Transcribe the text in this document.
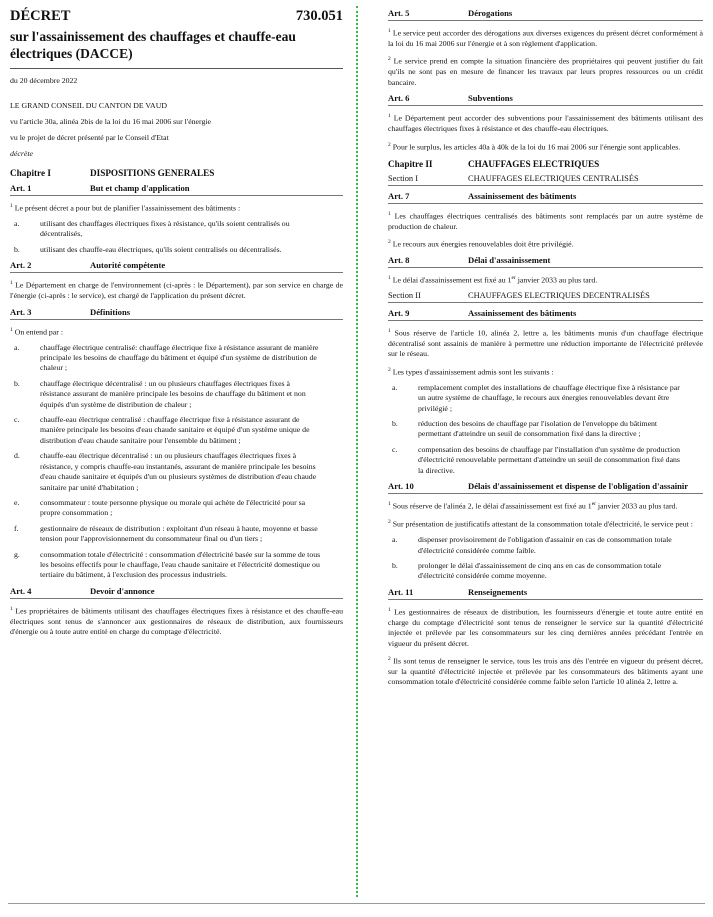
DÉCRET	730.051
sur l'assainissement des chauffages et chauffe-eau électriques (DACCE)

du 20 décembre 2022

LE GRAND CONSEIL DU CANTON DE VAUD

vu l'article 30a, alinéa 2bis de la loi du 16 mai 2006 sur l'énergie

vu le projet de décret présenté par le Conseil d'Etat

décrète

Chapitre I	DISPOSITIONS GENERALES
Art. 1	But et champ d'application

$^1$ Le présent décret a pour but de planifier l'assainissement des bâtiments :

a.	utilisant des chauffages électriques fixes à résistance, qu'ils soient centralisés ou décentralisés,
b.	utilisant des chauffe-eau électriques, qu'ils soient centralisés ou décentralisés.
Art. 2	Autorité compétente

$^1$ Le Département en charge de l'environnement (ci-après : le Département), par son service en charge de l'énergie (ci-après : le service), est chargé de l'application du présent décret.

Art. 3	Définitions

$^1$ On entend par :

a.	chauffage électrique centralisé: chauffage électrique fixe à résistance assurant de manière principale les besoins de chauffage du bâtiment et équipé d'un système de distribution de chaleur ;
b.	chauffage électrique décentralisé : un ou plusieurs chauffages électriques fixes à résistance assurant de manière principale les besoins de chauffage du bâtiment et non équipés d'un système de distribution de chaleur ;
c.	chauffe-eau électrique centralisé : chauffage électrique fixe à résistance assurant de manière principale les besoins d'eau chaude sanitaire et équipé d'un système unique de distribution d'eau chaude sanitaire pour l'ensemble du bâtiment ;
d.	chauffe-eau électrique décentralisé : un ou plusieurs chauffages électriques fixes à résistance, y compris chauffe-eau instantanés, assurant de manière principale les besoins d'eau chaude sanitaire et équipés d'un ou plusieurs systèmes de distribution d'eau chaude sanitaire par unité d'habitation ;
e.	consommateur : toute personne physique ou morale qui achète de l'électricité pour sa propre consommation ;
f.	gestionnaire de réseaux de distribution : exploitant d'un réseau à haute, moyenne et basse tension pour l'approvisionnement du consommateur final ou d'un tiers ;
g.	consommation totale d'électricité : consommation d'électricité basée sur la somme de tous les besoins effectifs pour le chauffage, l'eau chaude sanitaire et l'électricité domestique ou tertiaire du bâtiment, à l'exclusion des processus industriels.
Art. 4	Devoir d'annonce

$^1$ Les propriétaires de bâtiments utilisant des chauffages électriques fixes à résistance et des chauffe-eau électriques sont tenus de s'annoncer aux gestionnaires de réseaux de distribution, aux fournisseurs d'énergie ou à toute autre entité en charge du comptage d'électricité.

Art. 5	Dérogations

$^1$ Le service peut accorder des dérogations aux diverses exigences du présent décret conformément à la loi du 16 mai 2006 sur l'énergie et à son règlement d'application.

$^2$ Le service prend en compte la situation financière des propriétaires qui peuvent justifier du fait qu'ils ne sont pas en mesure de financer les travaux par leurs propres ressources ou un crédit bancaire.

Art. 6	Subventions

$^1$ Le Département peut accorder des subventions pour l'assainissement des bâtiments utilisant des chauffages électriques fixes à résistance et des chauffe-eau électriques.

$^2$ Pour le surplus, les articles 40a à 40k de la loi du 16 mai 2006 sur l'énergie sont applicables.

Chapitre II	CHAUFFAGES ELECTRIQUES
Section I	CHAUFFAGES ELECTRIQUES CENTRALISÉS
Art. 7	Assainissement des bâtiments

$^1$ Les chauffages électriques centralisés des bâtiments sont remplacés par un autre système de production de chaleur.

$^2$ Le recours aux énergies renouvelables doit être privilégié.

Art. 8	Délai d'assainissement

$^1$ Le délai d'assainissement est fixé au 1er janvier 2033 au plus tard.

Section II	CHAUFFAGES ELECTRIQUES DECENTRALISÉS
Art. 9	Assainissement des bâtiments

$^1$ Sous réserve de l'article 10, alinéa 2, lettre a, les bâtiments munis d'un chauffage électrique décentralisé sont assainis de manière à permettre une réduction importante de l'électricité prélevée sur le réseau.

$^2$ Les types d'assainissement admis sont les suivants :

a.	remplacement complet des installations de chauffage électrique fixe à résistance par un autre système de chauffage, le recours aux énergies renouvelables devant être privilégié ;
b.	réduction des besoins de chauffage par l'isolation de l'enveloppe du bâtiment permettant d'atteindre un seuil de consommation fixé dans la directive ;
c.	compensation des besoins de chauffage par l'installation d'un système de production d'électricité renouvelable permettant d'atteindre un seuil de consommation fixé dans la directive.
Art. 10	Délais d'assainissement et dispense de l'obligation d'assainir

$^1$ Sous réserve de l'alinéa 2, le délai d'assainissement est fixé au 1er janvier 2033 au plus tard.

$^2$ Sur présentation de justificatifs attestant de la consommation totale d'électricité, le service peut :

a.	dispenser provisoirement de l'obligation d'assainir en cas de consommation totale d'électricité considérée comme faible.
b.	prolonger le délai d'assainissement de cinq ans en cas de consommation totale d'électricité considérée comme moyenne.
Art. 11	Renseignements

$^1$ Les gestionnaires de réseaux de distribution, les fournisseurs d'énergie et toute autre entité en charge du comptage d'électricité sont tenus de renseigner le service sur la quantité d'électricité injectée et prélevée par les consommateurs sur les cinq dernières années précédant l'entrée en vigueur du présent décret.

$^2$ Ils sont tenus de renseigner le service, tous les trois ans dès l'entrée en vigueur du présent décret, sur la quantité d'électricité injectée et prélevée par les consommateurs des bâtiments ayant une consommation totale d'électricité considérée comme faible selon l'article 10 alinéa 2, lettre a.
